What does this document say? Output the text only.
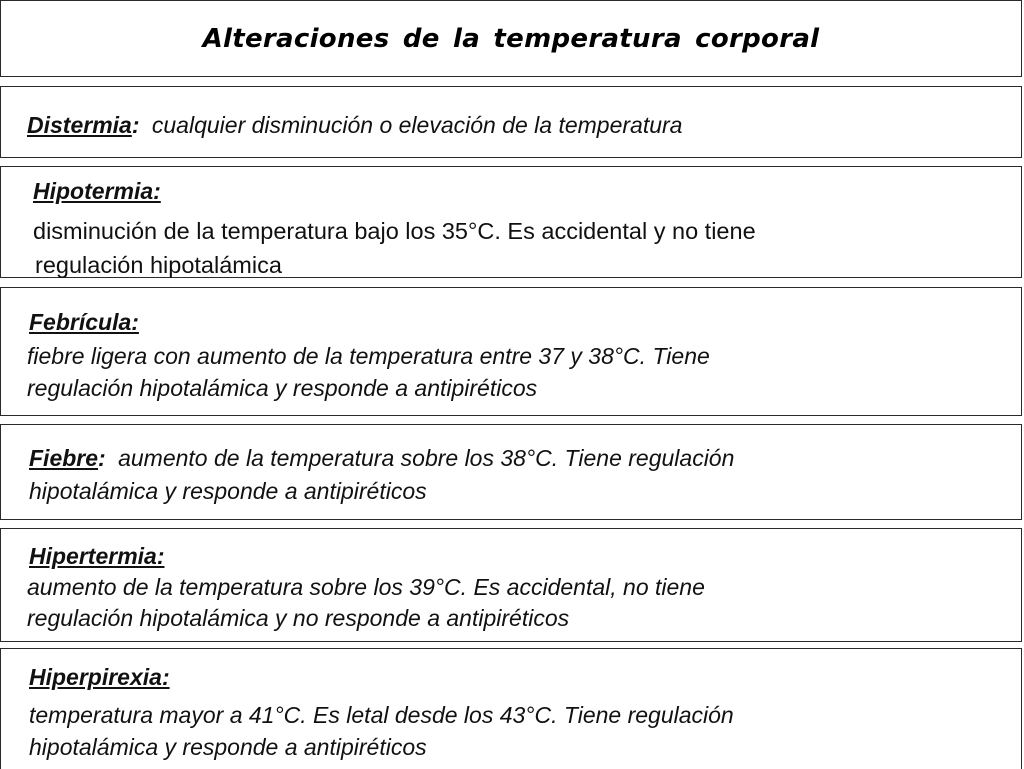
Alteraciones de la temperatura corporal
Distermia: cualquier disminución o elevación de la temperatura
Hipotermia:
disminución de la temperatura bajo los 35°C. Es accidental y no tiene
regulación hipotalámica
Febrícula:
fiebre ligera con aumento de la temperatura entre 37 y 38°C. Tiene
regulación hipotalámica y responde a antipiréticos
Fiebre: aumento de la temperatura sobre los 38°C. Tiene regulación
hipotalámica y responde a antipiréticos
Hipertermia:
aumento de la temperatura sobre los 39°C. Es accidental, no tiene
regulación hipotalámica y no responde a antipiréticos
Hiperpirexia:
temperatura mayor a 41°C. Es letal desde los 43°C. Tiene regulación
hipotalámica y responde a antipiréticos
